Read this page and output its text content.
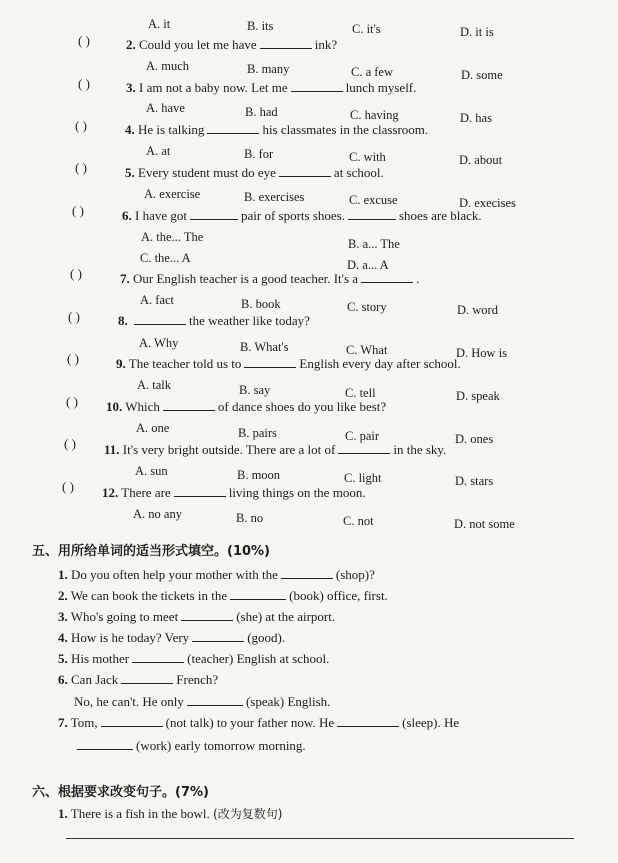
A. it	B. its	C. it's	D. it is
( )	2. Could you let me have	ink?
A. much	B. many	C. a few	D. some
( )	3. I am not a baby now. Let me	lunch myself.
A. have	B. had	C. having	D. has
( )	4. He is talking	his classmates in the classroom.
A. at	B. for	C. with	D. about
( )	5. Every student must do eye	at school.
A. exercise	B. exercises	C. excuse	D. execises
( )	6. I have got	pair of sports shoes.	shoes are black.
A. the... The	B. a... The
C. the... A	D. a... A
( )	7. Our English teacher is a good teacher. It's a	.
A. fact	B. book	C. story	D. word
( )	8.	the weather like today?
A. Why	B. What's	C. What	D. How is
( )	9. The teacher told us to	English every day after school.
A. talk	B. say	C. tell	D. speak
( ) 10. Which	of dance shoes do you like best?
A. one	B. pairs	C. pair	D. ones
( ) 11. It's very bright outside. There are a lot of	in the sky.
A. sun	B. moon	C. light	D. stars
( ) 12. There are	living things on the moon.
A. no any	B. no	C. not	D. not some
五、用所给单词的适当形式填空。(10%)
1. Do you often help your mother with the	(shop)?
2. We can book the tickets in the	(book) office, first.
3. Who's going to meet	(she) at the airport.
4. How is he today? Very	(good).
5. His mother	(teacher) English at school.
6. Can Jack	French?
No, he can't. He only	(speak) English.
7. Tom,	(not talk) to your father now. He	(sleep). He
(work) early tomorrow morning.
六、根据要求改变句子。(7%)
1. There is a fish in the bowl. (改为复数句)
